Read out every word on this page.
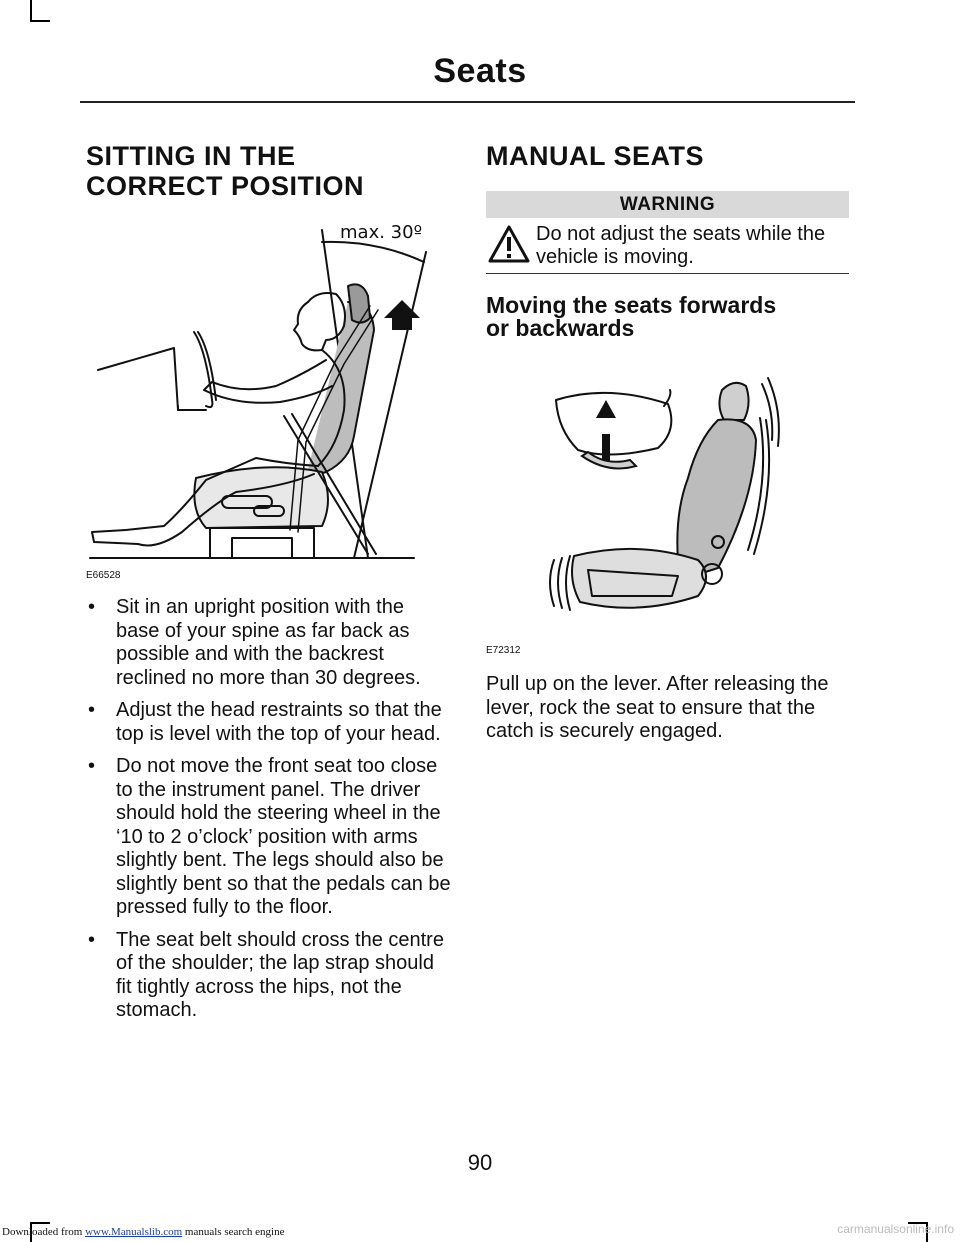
Seats
SITTING IN THE
CORRECT POSITION
max. 30º
E66528
• Sit in an upright position with the base of your spine as far back as possible and with the backrest reclined no more than 30 degrees.
• Adjust the head restraints so that the top is level with the top of your head.
• Do not move the front seat too close to the instrument panel. The driver should hold the steering wheel in the ‘10 to 2 o’clock’ position with arms slightly bent. The legs should also be slightly bent so that the pedals can be pressed fully to the floor.
• The seat belt should cross the centre of the shoulder; the lap strap should fit tightly across the hips, not the stomach.
MANUAL SEATS
WARNING
Do not adjust the seats while the vehicle is moving.
Moving the seats forwards
or backwards
E72312
Pull up on the lever. After releasing the lever, rock the seat to ensure that the catch is securely engaged.
90
Downloaded from www.Manualslib.com manuals search engine	carmanualsonline.info
